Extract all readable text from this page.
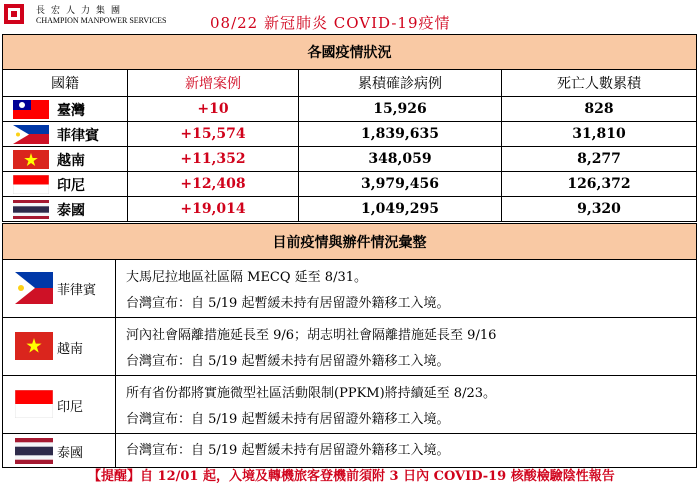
長宏人力集團
CHAMPION MANPOWER SERVICES	08/22 新冠肺炎 COVID-19疫情
各國疫情狀況			
國籍	新增案例	累積確診病例	死亡人數累積

臺灣	+10	15,926	828

菲律賓	+15,574	1,839,635	31,810

越南	+11,352	348,059	8,277

印尼	+12,408	3,979,456	126,372

泰國	+19,014	1,049,295	9,320
目前疫情與辦件情況彙整	

菲律賓	大馬尼拉地區社區隔 MECQ 延至 8/31。
台灣宣布：自 5/19 起暫緩未持有居留證外籍移工入境。

越南	河內社會隔離措施延長至 9/6；胡志明社會隔離措施延長至 9/16
台灣宣布：自 5/19 起暫緩未持有居留證外籍移工入境。

印尼	所有省份都將實施微型社區活動限制(PPKM)將持續延至 8/23。
台灣宣布：自 5/19 起暫緩未持有居留證外籍移工入境。

泰國	台灣宣布：自 5/19 起暫緩未持有居留證外籍移工入境。
【提醒】自 12/01 起，入境及轉機旅客登機前須附 3 日內 COVID-19 核酸檢驗陰性報告
